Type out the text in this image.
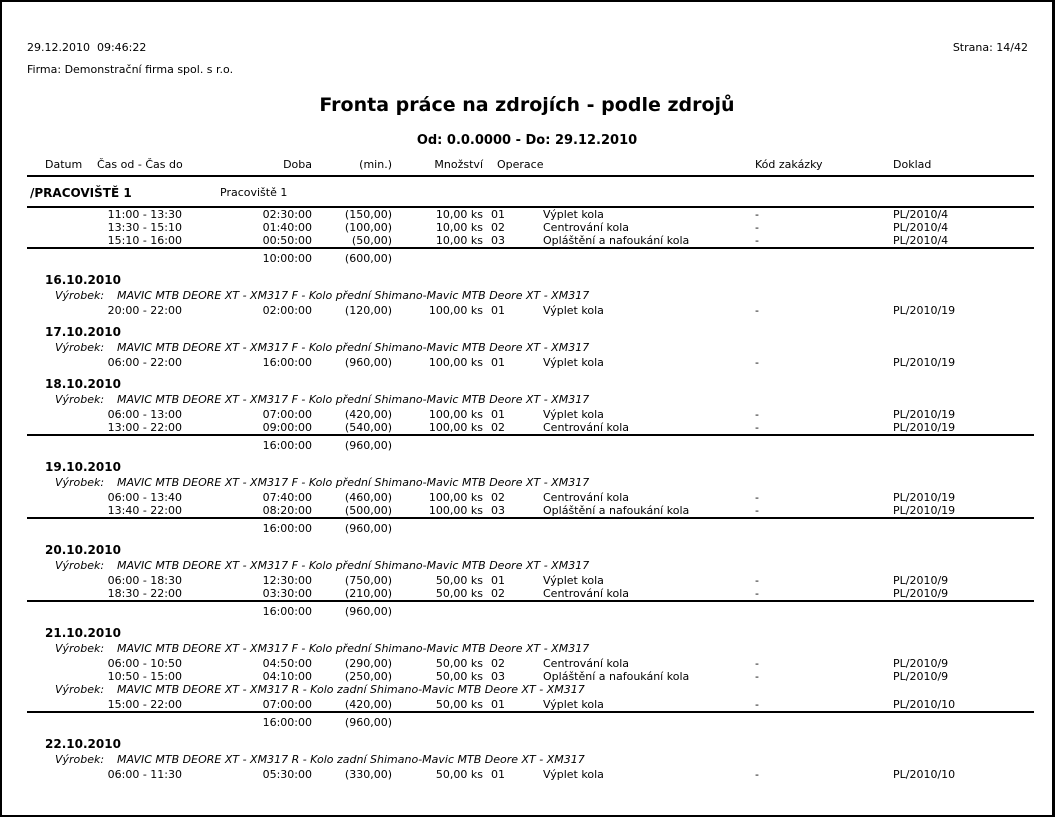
29.12.2010  09:46:22
Firma: Demonstrační firma spol. s r.o.
Strana: 14/42
Fronta práce na zdrojích - podle zdrojů
Od: 0.0.0000 - Do: 29.12.2010
Datum Čas od - Čas do	Doba	(min.)	Množství Operace	Kód zakázky	Doklad
/PRACOVIŠTĚ 1	Pracoviště 1
11:00 - 13:30	02:30:00	(150,00)	10,00 ks 01	Výplet kola	-	PL/2010/4
13:30 - 15:10	01:40:00	(100,00)	10,00 ks 02	Centrování kola	-	PL/2010/4
15:10 - 16:00	00:50:00	(50,00)	10,00 ks 03	Opláštění a nafoukání kola	-	PL/2010/4
10:00:00	(600,00)
16.10.2010
Výrobek: MAVIC MTB DEORE XT - XM317 F - Kolo přední Shimano-Mavic MTB Deore XT - XM317
20:00 - 22:00	02:00:00	(120,00)	100,00 ks 01	Výplet kola	-	PL/2010/19
17.10.2010
Výrobek: MAVIC MTB DEORE XT - XM317 F - Kolo přední Shimano-Mavic MTB Deore XT - XM317
06:00 - 22:00	16:00:00	(960,00)	100,00 ks 01	Výplet kola	-	PL/2010/19
18.10.2010
Výrobek: MAVIC MTB DEORE XT - XM317 F - Kolo přední Shimano-Mavic MTB Deore XT - XM317
06:00 - 13:00	07:00:00	(420,00)	100,00 ks 01	Výplet kola	-	PL/2010/19
13:00 - 22:00	09:00:00	(540,00)	100,00 ks 02	Centrování kola	-	PL/2010/19
16:00:00	(960,00)
19.10.2010
Výrobek: MAVIC MTB DEORE XT - XM317 F - Kolo přední Shimano-Mavic MTB Deore XT - XM317
06:00 - 13:40	07:40:00	(460,00)	100,00 ks 02	Centrování kola	-	PL/2010/19
13:40 - 22:00	08:20:00	(500,00)	100,00 ks 03	Opláštění a nafoukání kola	-	PL/2010/19
16:00:00	(960,00)
20.10.2010
Výrobek: MAVIC MTB DEORE XT - XM317 F - Kolo přední Shimano-Mavic MTB Deore XT - XM317
06:00 - 18:30	12:30:00	(750,00)	50,00 ks 01	Výplet kola	-	PL/2010/9
18:30 - 22:00	03:30:00	(210,00)	50,00 ks 02	Centrování kola	-	PL/2010/9
16:00:00	(960,00)
21.10.2010
Výrobek: MAVIC MTB DEORE XT - XM317 F - Kolo přední Shimano-Mavic MTB Deore XT - XM317
06:00 - 10:50	04:50:00	(290,00)	50,00 ks 02	Centrování kola	-	PL/2010/9
10:50 - 15:00	04:10:00	(250,00)	50,00 ks 03	Opláštění a nafoukání kola	-	PL/2010/9
Výrobek: MAVIC MTB DEORE XT - XM317 R - Kolo zadní Shimano-Mavic MTB Deore XT - XM317
15:00 - 22:00	07:00:00	(420,00)	50,00 ks 01	Výplet kola	-	PL/2010/10
16:00:00	(960,00)
22.10.2010
Výrobek: MAVIC MTB DEORE XT - XM317 R - Kolo zadní Shimano-Mavic MTB Deore XT - XM317
06:00 - 11:30	05:30:00	(330,00)	50,00 ks 01	Výplet kola	-	PL/2010/10
